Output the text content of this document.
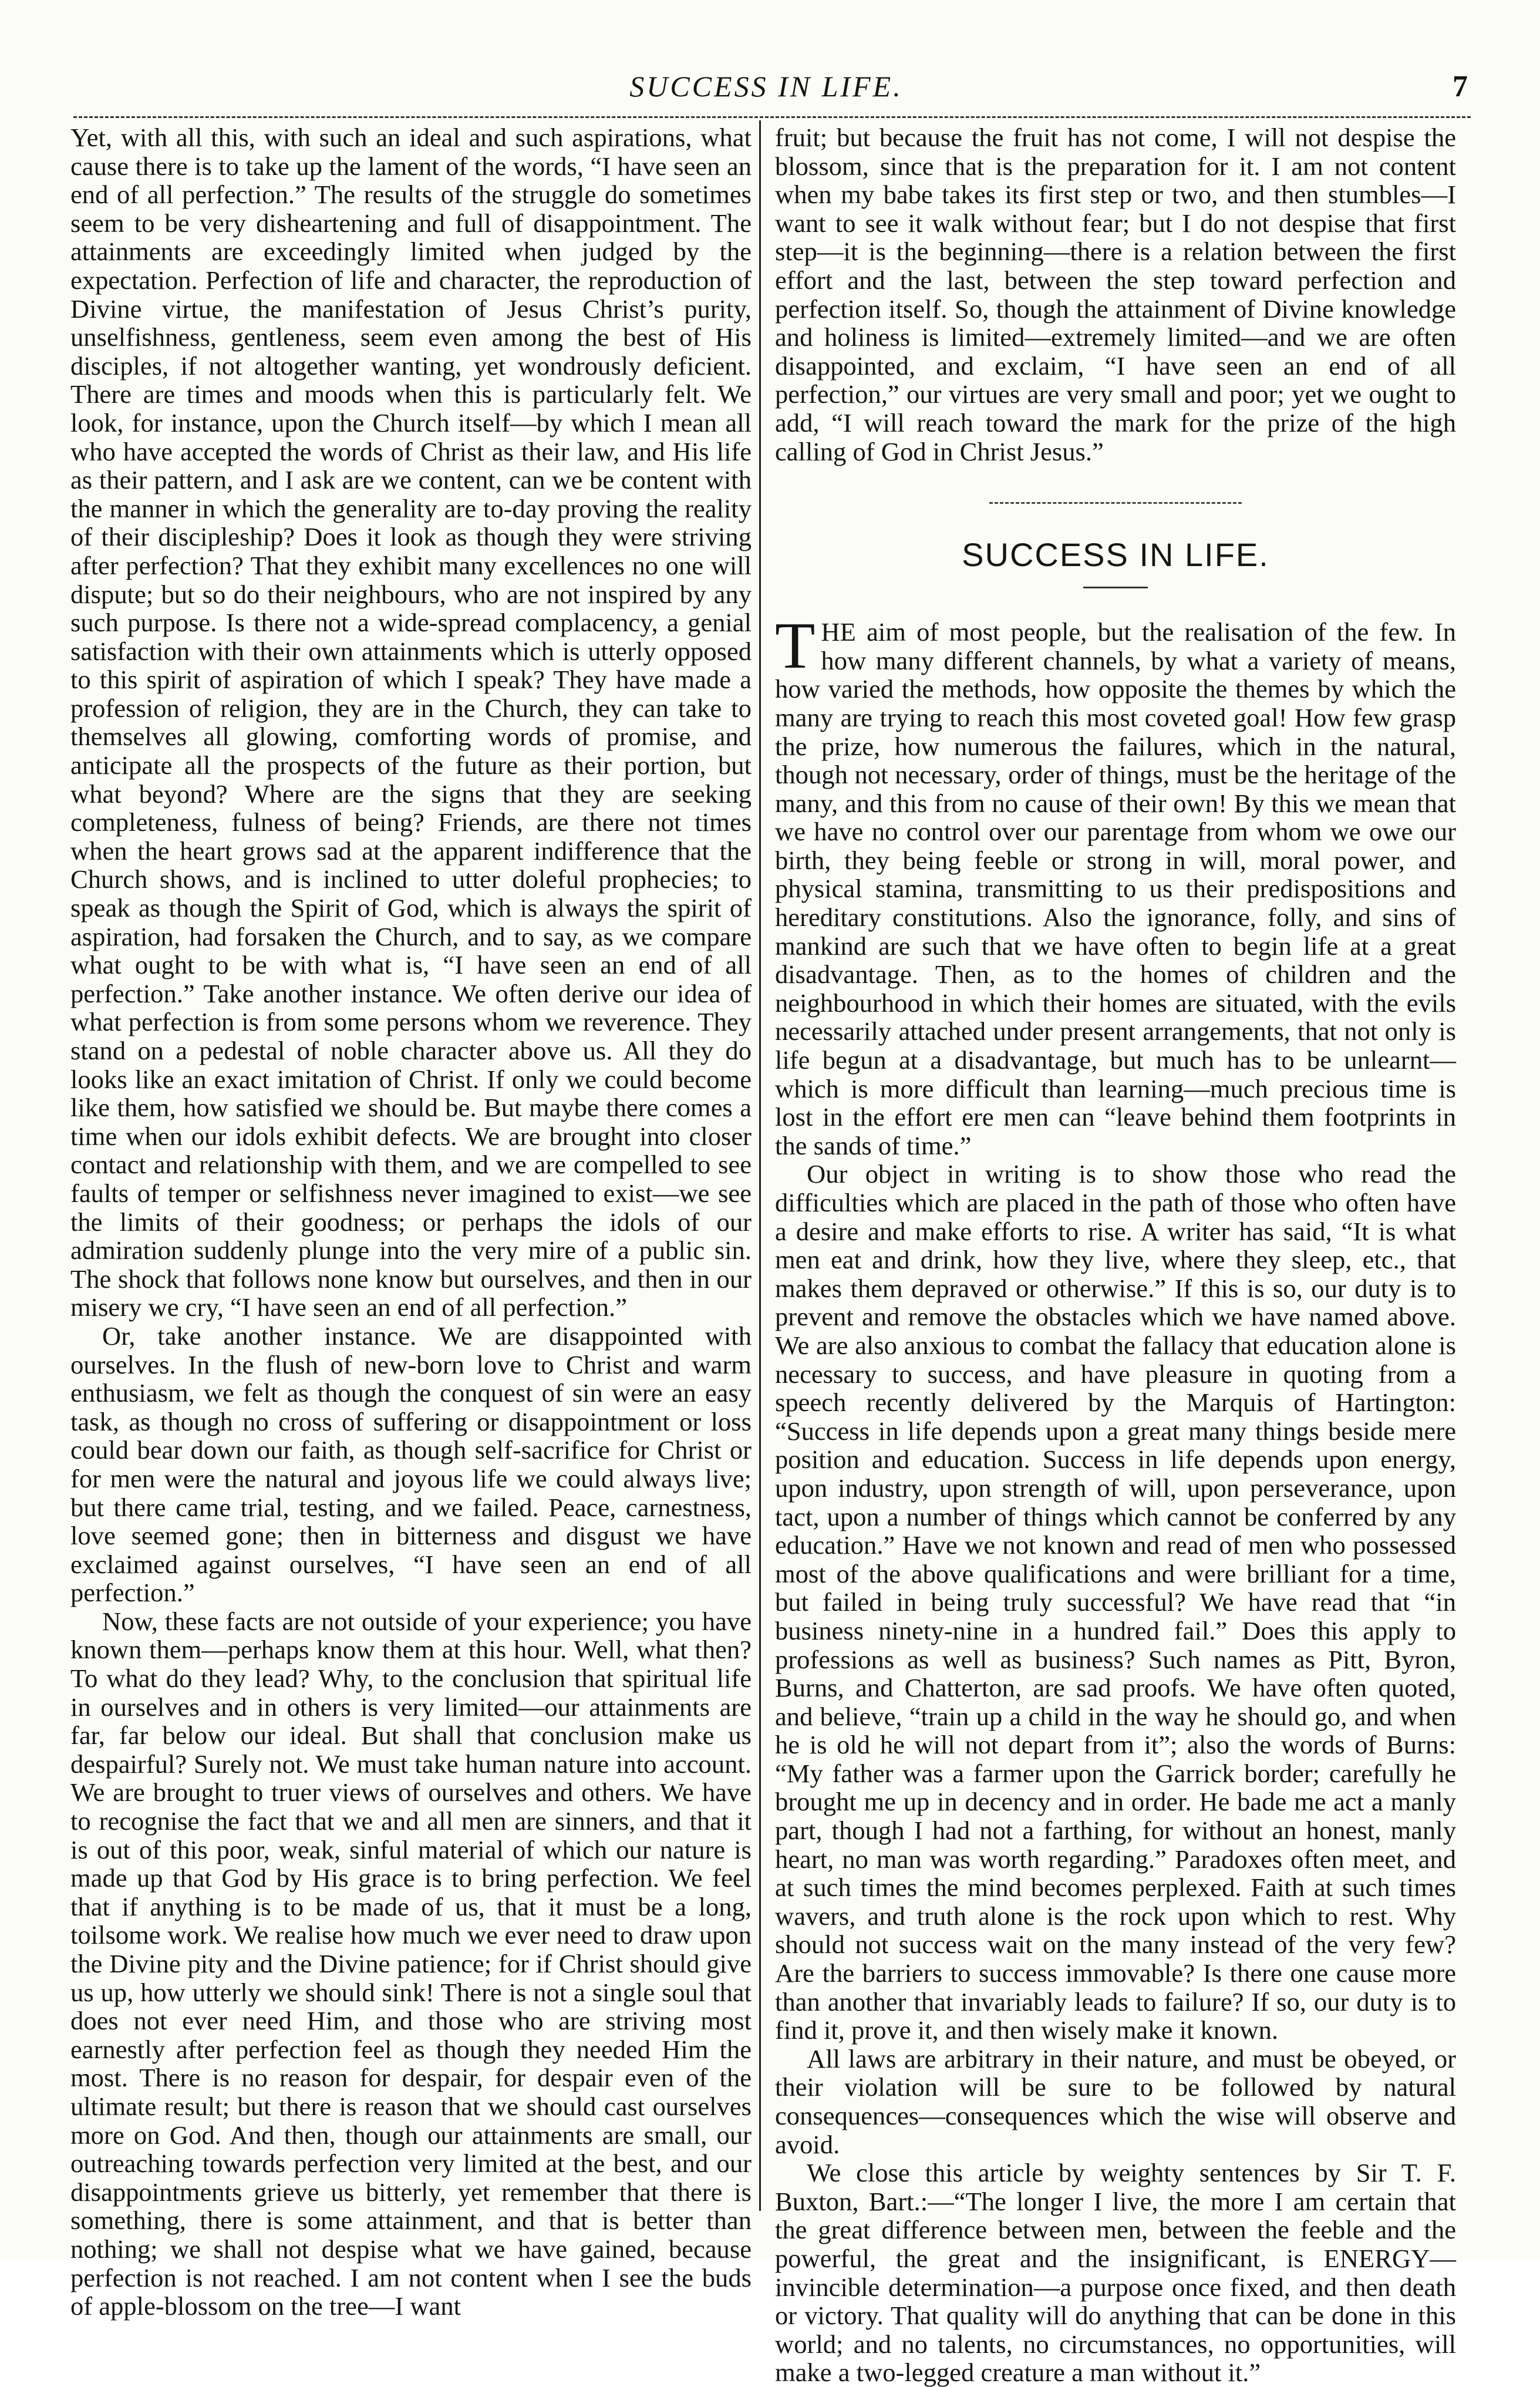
SUCCESS IN LIFE.	7

Yet, with all this, with such an ideal and such aspirations, what cause there is to take up the lament of the words, “I have seen an end of all perfection.” The results of the struggle do sometimes seem to be very disheartening and full of disappointment. The attainments are exceedingly limited when judged by the expectation. Perfection of life and character, the reproduction of Divine virtue, the manifestation of Jesus Christ’s purity, unselfishness, gentleness, seem even among the best of His disciples, if not altogether wanting, yet wondrously deficient. There are times and moods when this is particularly felt. We look, for instance, upon the Church itself—by which I mean all who have accepted the words of Christ as their law, and His life as their pattern, and I ask are we content, can we be content with the manner in which the generality are to-day proving the reality of their discipleship? Does it look as though they were striving after perfection? That they exhibit many excellences no one will dispute; but so do their neighbours, who are not inspired by any such purpose. Is there not a wide-spread complacency, a genial satisfaction with their own attainments which is utterly opposed to this spirit of aspiration of which I speak? They have made a profession of religion, they are in the Church, they can take to themselves all glowing, comforting words of promise, and anticipate all the prospects of the future as their portion, but what beyond? Where are the signs that they are seeking completeness, fulness of being? Friends, are there not times when the heart grows sad at the apparent indifference that the Church shows, and is inclined to utter doleful prophecies; to speak as though the Spirit of God, which is always the spirit of aspiration, had forsaken the Church, and to say, as we compare what ought to be with what is, “I have seen an end of all perfection.” Take another instance. We often derive our idea of what perfection is from some persons whom we reverence. They stand on a pedestal of noble character above us. All they do looks like an exact imitation of Christ. If only we could become like them, how satisfied we should be. But maybe there comes a time when our idols exhibit defects. We are brought into closer contact and relationship with them, and we are compelled to see faults of temper or selfishness never imagined to exist—we see the limits of their goodness; or perhaps the idols of our admiration suddenly plunge into the very mire of a public sin. The shock that follows none know but ourselves, and then in our misery we cry, “I have seen an end of all perfection.”

Or, take another instance. We are disappointed with ourselves. In the flush of new-born love to Christ and warm enthusiasm, we felt as though the conquest of sin were an easy task, as though no cross of suffering or disappointment or loss could bear down our faith, as though self-sacrifice for Christ or for men were the natural and joyous life we could always live; but there came trial, testing, and we failed. Peace, carnestness, love seemed gone; then in bitterness and disgust we have exclaimed against ourselves, “I have seen an end of all perfection.”

Now, these facts are not outside of your experience; you have known them—perhaps know them at this hour. Well, what then? To what do they lead? Why, to the conclusion that spiritual life in ourselves and in others is very limited—our attainments are far, far below our ideal. But shall that conclusion make us despairful? Surely not. We must take human nature into account. We are brought to truer views of ourselves and others. We have to recognise the fact that we and all men are sinners, and that it is out of this poor, weak, sinful material of which our nature is made up that God by His grace is to bring perfection. We feel that if anything is to be made of us, that it must be a long, toilsome work. We realise how much we ever need to draw upon the Divine pity and the Divine patience; for if Christ should give us up, how utterly we should sink! There is not a single soul that does not ever need Him, and those who are striving most earnestly after perfection feel as though they needed Him the most. There is no reason for despair, for despair even of the ultimate result; but there is reason that we should cast ourselves more on God. And then, though our attainments are small, our outreaching towards perfection very limited at the best, and our disappointments grieve us bitterly, yet remember that there is something, there is some attainment, and that is better than nothing; we shall not despise what we have gained, because perfection is not reached. I am not content when I see the buds of apple-blossom on the tree—I want

fruit; but because the fruit has not come, I will not despise the blossom, since that is the preparation for it. I am not content when my babe takes its first step or two, and then stumbles—I want to see it walk without fear; but I do not despise that first step—it is the beginning—there is a relation between the first effort and the last, between the step toward perfection and perfection itself. So, though the attainment of Divine knowledge and holiness is limited—extremely limited—and we are often disappointed, and exclaim, “I have seen an end of all perfection,” our virtues are very small and poor; yet we ought to add, “I will reach toward the mark for the prize of the high calling of God in Christ Jesus.”

SUCCESS IN LIFE.

THE aim of most people, but the realisation of the few. In how many different channels, by what a variety of means, how varied the methods, how opposite the themes by which the many are trying to reach this most coveted goal! How few grasp the prize, how numerous the failures, which in the natural, though not necessary, order of things, must be the heritage of the many, and this from no cause of their own! By this we mean that we have no control over our parentage from whom we owe our birth, they being feeble or strong in will, moral power, and physical stamina, transmitting to us their predispositions and hereditary constitutions. Also the ignorance, folly, and sins of mankind are such that we have often to begin life at a great disadvantage. Then, as to the homes of children and the neighbourhood in which their homes are situated, with the evils necessarily attached under present arrangements, that not only is life begun at a disadvantage, but much has to be unlearnt—which is more difficult than learning—much precious time is lost in the effort ere men can “leave behind them footprints in the sands of time.”

Our object in writing is to show those who read the difficulties which are placed in the path of those who often have a desire and make efforts to rise. A writer has said, “It is what men eat and drink, how they live, where they sleep, etc., that makes them depraved or otherwise.” If this is so, our duty is to prevent and remove the obstacles which we have named above. We are also anxious to combat the fallacy that education alone is necessary to success, and have pleasure in quoting from a speech recently delivered by the Marquis of Hartington: “Success in life depends upon a great many things beside mere position and education. Success in life depends upon energy, upon industry, upon strength of will, upon perseverance, upon tact, upon a number of things which cannot be conferred by any education.” Have we not known and read of men who possessed most of the above qualifications and were brilliant for a time, but failed in being truly successful? We have read that “in business ninety-nine in a hundred fail.” Does this apply to professions as well as business? Such names as Pitt, Byron, Burns, and Chatterton, are sad proofs. We have often quoted, and believe, “train up a child in the way he should go, and when he is old he will not depart from it”; also the words of Burns: “My father was a farmer upon the Garrick border; carefully he brought me up in decency and in order. He bade me act a manly part, though I had not a farthing, for without an honest, manly heart, no man was worth regarding.” Paradoxes often meet, and at such times the mind becomes perplexed. Faith at such times wavers, and truth alone is the rock upon which to rest. Why should not success wait on the many instead of the very few? Are the barriers to success immovable? Is there one cause more than another that invariably leads to failure? If so, our duty is to find it, prove it, and then wisely make it known.

All laws are arbitrary in their nature, and must be obeyed, or their violation will be sure to be followed by natural consequences—consequences which the wise will observe and avoid.

We close this article by weighty sentences by Sir T. F. Buxton, Bart.:—“The longer I live, the more I am certain that the great difference between men, between the feeble and the powerful, the great and the insignificant, is ENERGY—invincible determination—a purpose once fixed, and then death or victory. That quality will do anything that can be done in this world; and no talents, no circumstances, no opportunities, will make a two-legged creature a man without it.”
